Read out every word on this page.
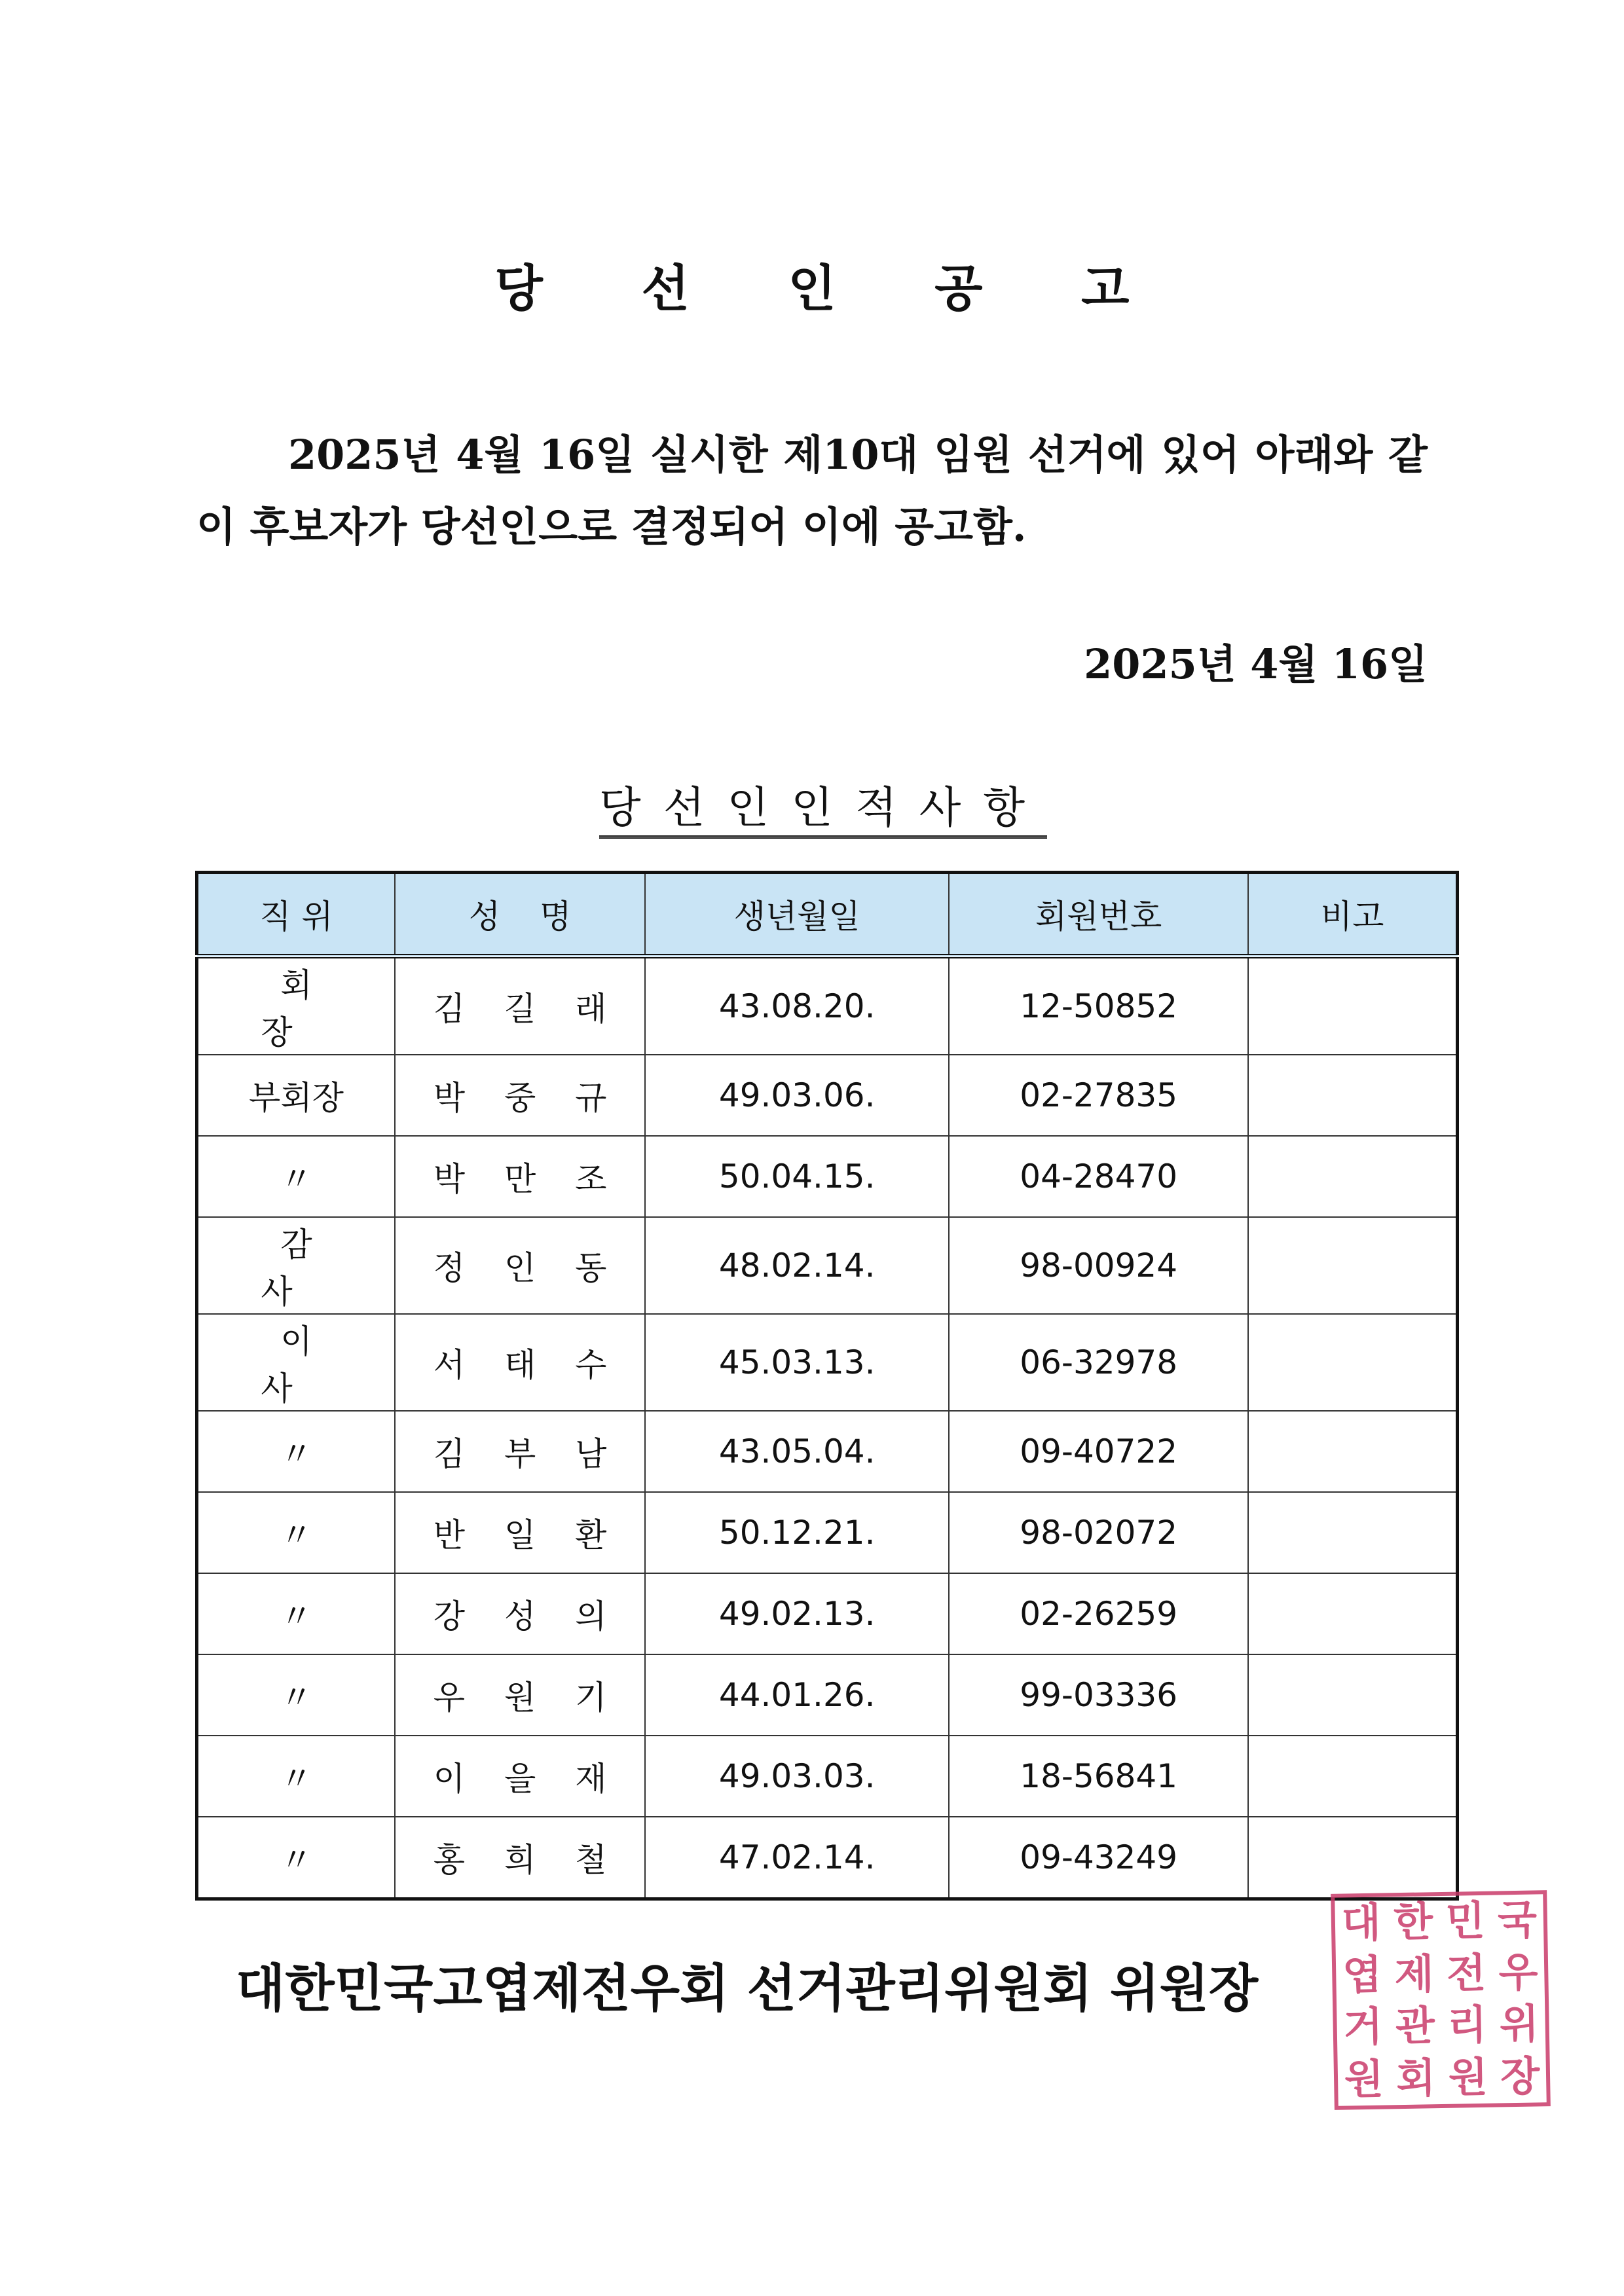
당 선 인 공 고
2025년 4월 16일 실시한 제10대 임원 선거에 있어 아래와 같이 후보자가 당선인으로 결정되어 이에 공고함.
2025년 4월 16일
당선인인적사항
직 위	성 명	생년월일	회원번호	비고
회 장	김 길 래	43.08.20.	12-50852	
부회장	박 중 규	49.03.06.	02-27835	
〃	박 만 조	50.04.15.	04-28470	
감 사	정 인 동	48.02.14.	98-00924	
이 사	서 태 수	45.03.13.	06-32978	
〃	김 부 남	43.05.04.	09-40722	
〃	반 일 환	50.12.21.	98-02072	
〃	강 성 의	49.02.13.	02-26259	
〃	우 원 기	44.01.26.	99-03336	
〃	이 을 재	49.03.03.	18-56841	
〃	홍 희 철	47.02.14.	09-43249	
대한민국고엽제전우회 선거관리위원회 위원장
대 한 민 국
엽 제 전 우
거 관 리 위
원 회 원 장
